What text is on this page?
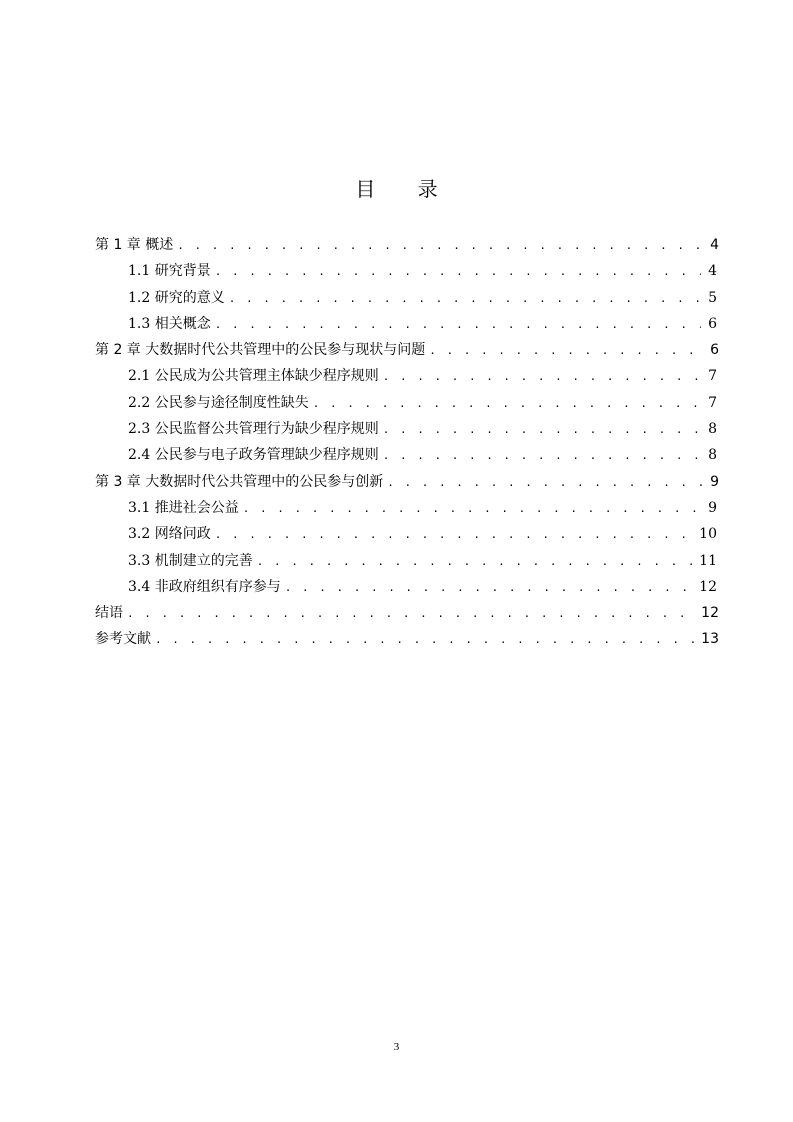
目 录
第 1 章 概述 . . .	4
1.1 研究背景 . . .	4
1.2 研究的意义 . . .	5
1.3 相关概念 . . .	6
第 2 章 大数据时代公共管理中的公民参与现状与问题 . . .	6
2.1 公民成为公共管理主体缺少程序规则 . . .	7
2.2 公民参与途径制度性缺失 . . .	7
2.3 公民监督公共管理行为缺少程序规则 . . .	8
2.4 公民参与电子政务管理缺少程序规则 . . .	8
第 3 章 大数据时代公共管理中的公民参与创新 . . .	9
3.1 推进社会公益 . . .	9
3.2 网络问政 . . .	10
3.3 机制建立的完善 . . .	11
3.4 非政府组织有序参与 . . .	12
结语 . . .	12
参考文献 . . .	13
3
